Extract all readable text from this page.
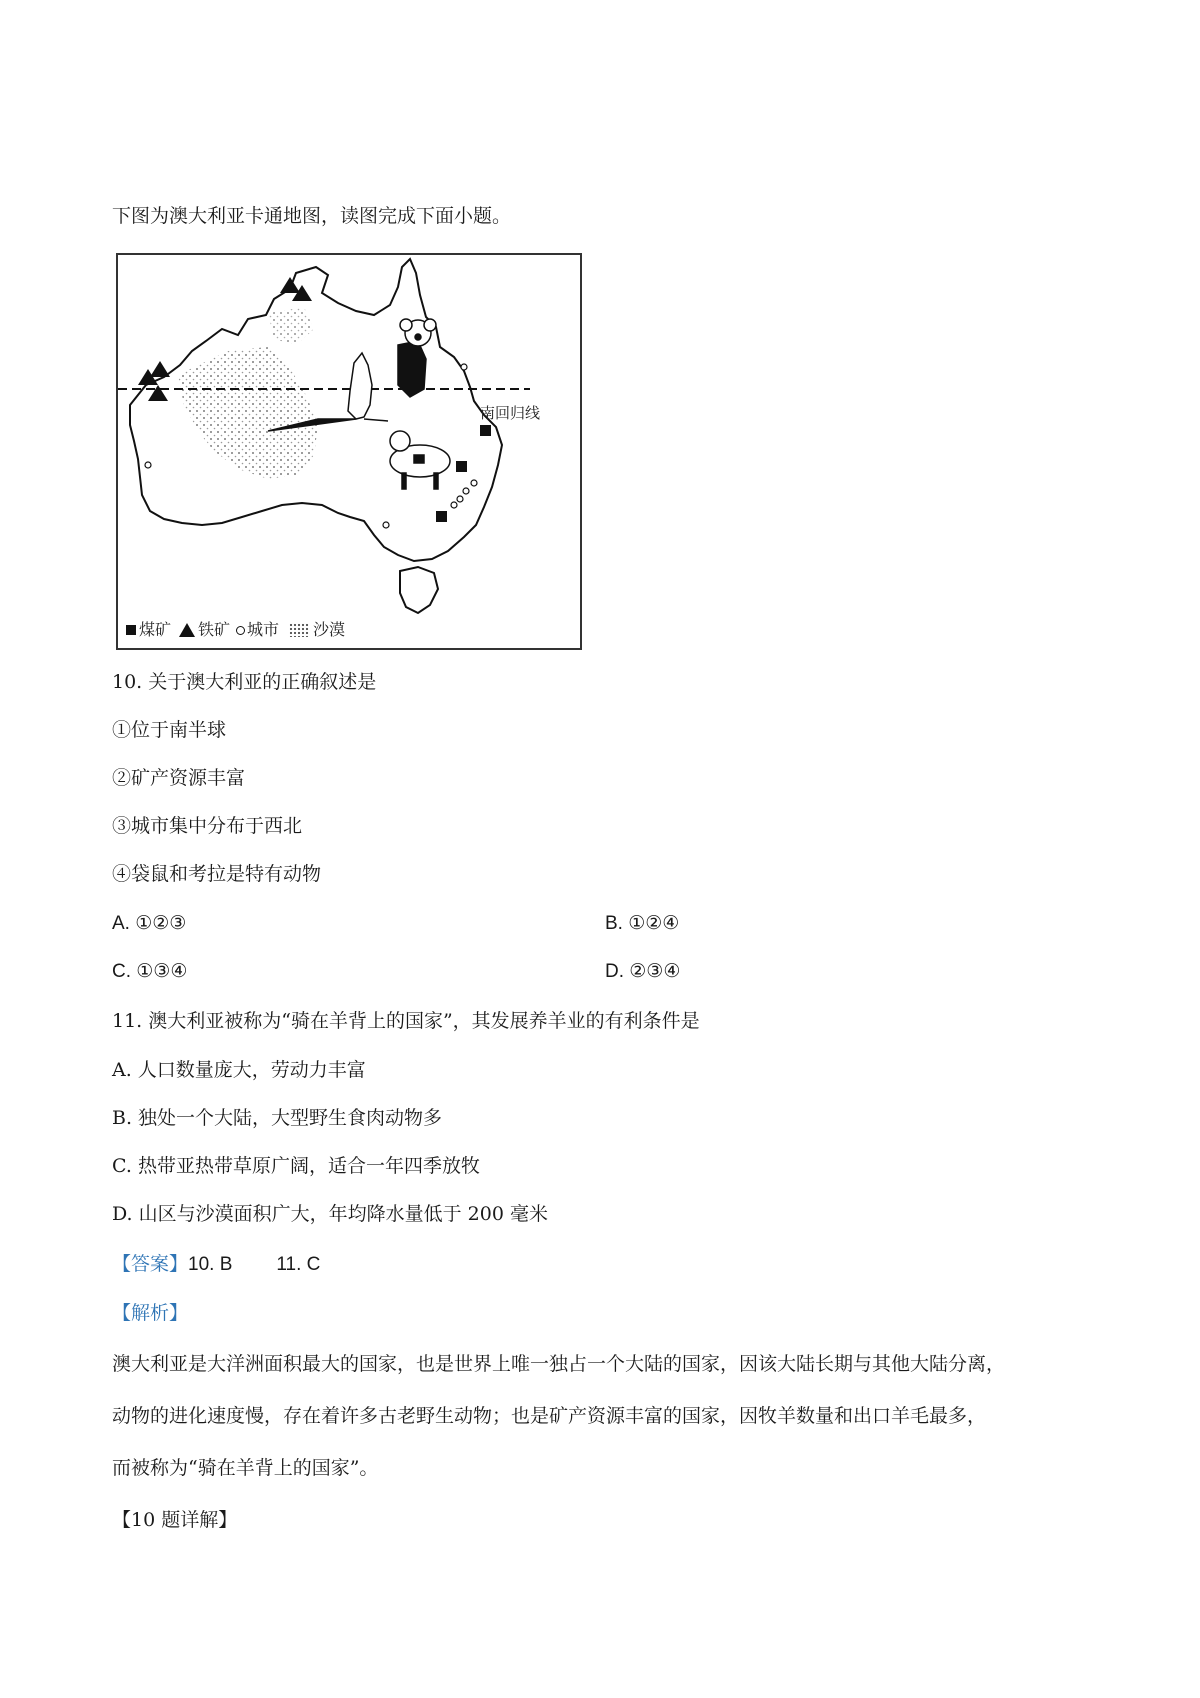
下图为澳大利亚卡通地图，读图完成下面小题。
南回归线
煤矿 铁矿 城市 沙漠
10. 关于澳大利亚的正确叙述是
①位于南半球
②矿产资源丰富
③城市集中分布于西北
④袋鼠和考拉是特有动物
A. ①②③	B. ①②④
C. ①③④	D. ②③④
11. 澳大利亚被称为“骑在羊背上的国家”，其发展养羊业的有利条件是
A. 人口数量庞大，劳动力丰富
B. 独处一个大陆，大型野生食肉动物多
C. 热带亚热带草原广阔，适合一年四季放牧
D. 山区与沙漠面积广大，年均降水量低于 200 毫米
【答案】10. B 11. C
【解析】
澳大利亚是大洋洲面积最大的国家，也是世界上唯一独占一个大陆的国家，因该大陆长期与其他大陆分离，
动物的进化速度慢，存在着许多古老野生动物；也是矿产资源丰富的国家，因牧羊数量和出口羊毛最多，
而被称为“骑在羊背上的国家”。
【10 题详解】
